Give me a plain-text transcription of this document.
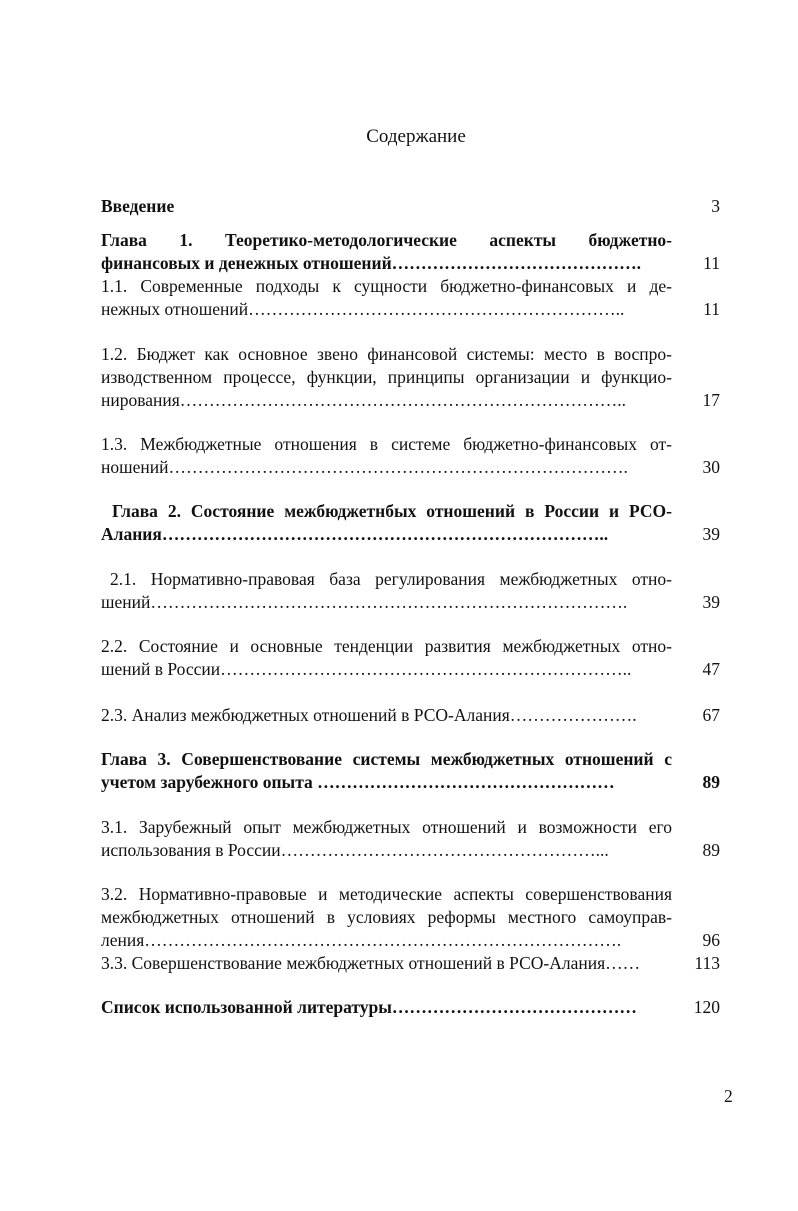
Содержание
Введение	3
Глава 1. Теоретико-методологические аспекты бюджетно-
финансовых и денежных отношений…………………………………….	11
1.1. Современные подходы к сущности бюджетно-финансовых и де-
нежных отношений………………………………………………………..	11
1.2. Бюджет как основное звено финансовой системы: место в воспро-
изводственном процессе, функции, принципы организации и функцио-
нирования…………………………………………………………………..	17
1.3. Межбюджетные отношения в системе бюджетно-финансовых от-
ношений…………………………………………………………………….	30
Глава 2. Состояние межбюджетнбых отношений в России и РСО-
Алания…………………………………………………………………..	39
2.1. Нормативно-правовая база регулирования межбюджетных отно-
шений……………………………………………………………………….	39
2.2. Состояние и основные тенденции развития межбюджетных отно-
шений в России……………………………………………………………..	47
2.3. Анализ межбюджетных отношений в РСО-Алания………………….	67
Глава 3. Совершенствование системы межбюджетных отношений с
учетом зарубежного опыта ……………………………………………	89
3.1. Зарубежный опыт межбюджетных отношений и возможности его
использования в России………………………………………………...	89
3.2. Нормативно-правовые и методические аспекты совершенствования
межбюджетных отношений в условиях реформы местного самоуправ-
ления……………………………………………………………………….	96
3.3. Совершенствование межбюджетных отношений в РСО-Алания……	113
Список использованной литературы……………………………………	120
2
